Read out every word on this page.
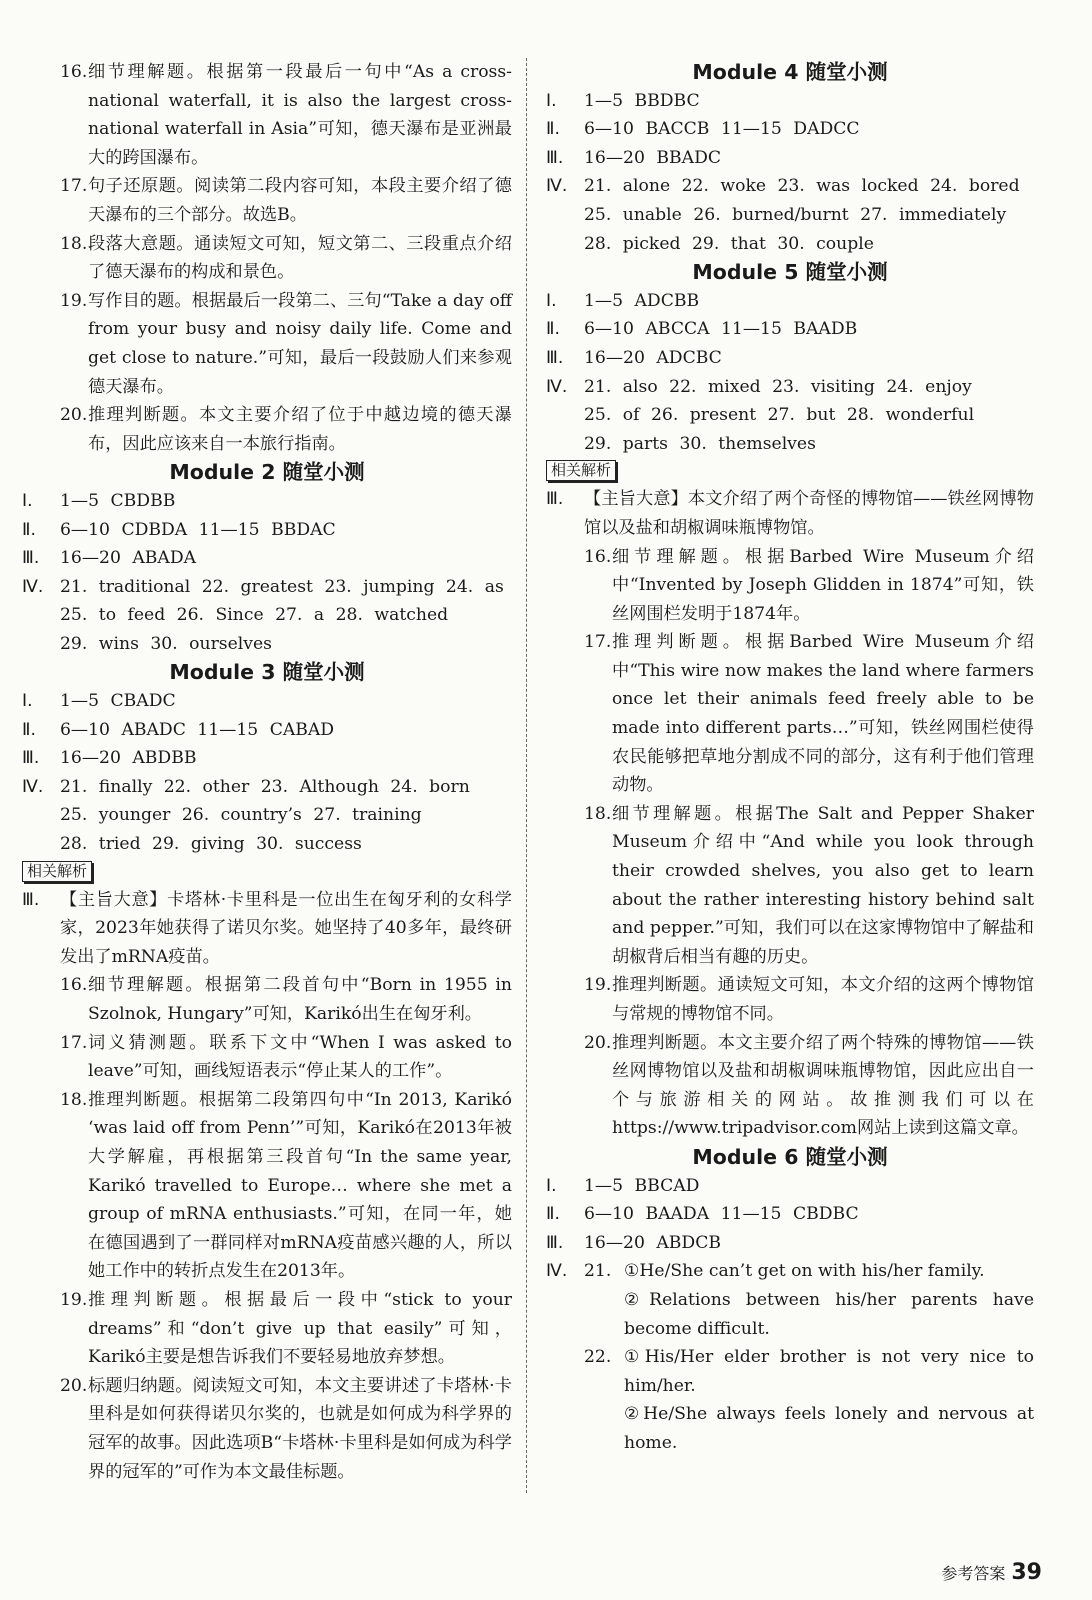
16. 细节理解题。根据第一段最后一句中“As a cross-national waterfall, it is also the largest cross-national waterfall in Asia”可知，德天瀑布是亚洲最大的跨国瀑布。
17. 句子还原题。阅读第二段内容可知，本段主要介绍了德天瀑布的三个部分。故选B。
18. 段落大意题。通读短文可知，短文第二、三段重点介绍了德天瀑布的构成和景色。
19. 写作目的题。根据最后一段第二、三句“Take a day off from your busy and noisy daily life. Come and get close to nature.”可知，最后一段鼓励人们来参观德天瀑布。
20. 推理判断题。本文主要介绍了位于中越边境的德天瀑布，因此应该来自一本旅行指南。
Module 2 随堂小测
Ⅰ.	1—5 CBDBB
Ⅱ.	6—10 CDBDA 11—15 BBDAC
Ⅲ.	16—20 ABADA
Ⅳ. 21. traditional 22. greatest 23. jumping 24. as
25. to feed 26. Since 27. a 28. watched
29. wins 30. ourselves
Module 3 随堂小测
Ⅰ.	1—5 CBADC
Ⅱ.	6—10 ABADC 11—15 CABAD
Ⅲ.	16—20 ABDBB
Ⅳ. 21. finally 22. other 23. Although 24. born
25. younger 26. country’s 27. training
28. tried 29. giving 30. success
相关解析
Ⅲ.	【主旨大意】卡塔林·卡里科是一位出生在匈牙利的女科学家，2023年她获得了诺贝尔奖。她坚持了40多年，最终研发出了mRNA疫苗。
16. 细节理解题。根据第二段首句中“Born in 1955 in Szolnok, Hungary”可知，Karikó出生在匈牙利。
17. 词义猜测题。联系下文中“When I was asked to leave”可知，画线短语表示“停止某人的工作”。
18. 推理判断题。根据第二段第四句中“In 2013, Karikó ‘was laid off from Penn’”可知，Karikó在2013年被大学解雇，再根据第三段首句“In the same year, Karikó travelled to Europe… where she met a group of mRNA enthusiasts.”可知，在同一年，她在德国遇到了一群同样对mRNA疫苗感兴趣的人，所以她工作中的转折点发生在2013年。
19. 推理判断题。根据最后一段中“stick to your dreams”和“don’t give up that easily”可知，Karikó主要是想告诉我们不要轻易地放弃梦想。
20. 标题归纳题。阅读短文可知，本文主要讲述了卡塔林·卡里科是如何获得诺贝尔奖的，也就是如何成为科学界的冠军的故事。因此选项B“卡塔林·卡里科是如何成为科学界的冠军的”可作为本文最佳标题。
Module 4 随堂小测
Ⅰ.	1—5 BBDBC
Ⅱ.	6—10 BACCB 11—15 DADCC
Ⅲ.	16—20 BBADC
Ⅳ. 21. alone 22. woke 23. was locked 24. bored
25. unable 26. burned/burnt 27. immediately
28. picked 29. that 30. couple
Module 5 随堂小测
Ⅰ.	1—5 ADCBB
Ⅱ.	6—10 ABCCA 11—15 BAADB
Ⅲ.	16—20 ADCBC
Ⅳ. 21. also 22. mixed 23. visiting 24. enjoy
25. of 26. present 27. but 28. wonderful
29. parts 30. themselves
相关解析
Ⅲ.	【主旨大意】本文介绍了两个奇怪的博物馆——铁丝网博物馆以及盐和胡椒调味瓶博物馆。
16. 细节理解题。根据Barbed Wire Museum介绍中“Invented by Joseph Glidden in 1874”可知，铁丝网围栏发明于1874年。
17. 推理判断题。根据Barbed Wire Museum介绍中“This wire now makes the land where farmers once let their animals feed freely able to be made into different parts…”可知，铁丝网围栏使得农民能够把草地分割成不同的部分，这有利于他们管理动物。
18. 细节理解题。根据The Salt and Pepper Shaker Museum介绍中“And while you look through their crowded shelves, you also get to learn about the rather interesting history behind salt and pepper.”可知，我们可以在这家博物馆中了解盐和胡椒背后相当有趣的历史。
19. 推理判断题。通读短文可知，本文介绍的这两个博物馆与常规的博物馆不同。
20. 推理判断题。本文主要介绍了两个特殊的博物馆——铁丝网博物馆以及盐和胡椒调味瓶博物馆，因此应出自一个与旅游相关的网站。故推测我们可以在https://www.tripadvisor.com网站上读到这篇文章。
Module 6 随堂小测
Ⅰ.	1—5 BBCAD
Ⅱ.	6—10 BAADA 11—15 CBDBC
Ⅲ.	16—20 ABDCB
Ⅳ. 21. ①He/She can’t get on with his/her family.
②Relations between his/her parents have become difficult.
22. ①His/Her elder brother is not very nice to him/her.
②He/She always feels lonely and nervous at home.
参考答案 39
